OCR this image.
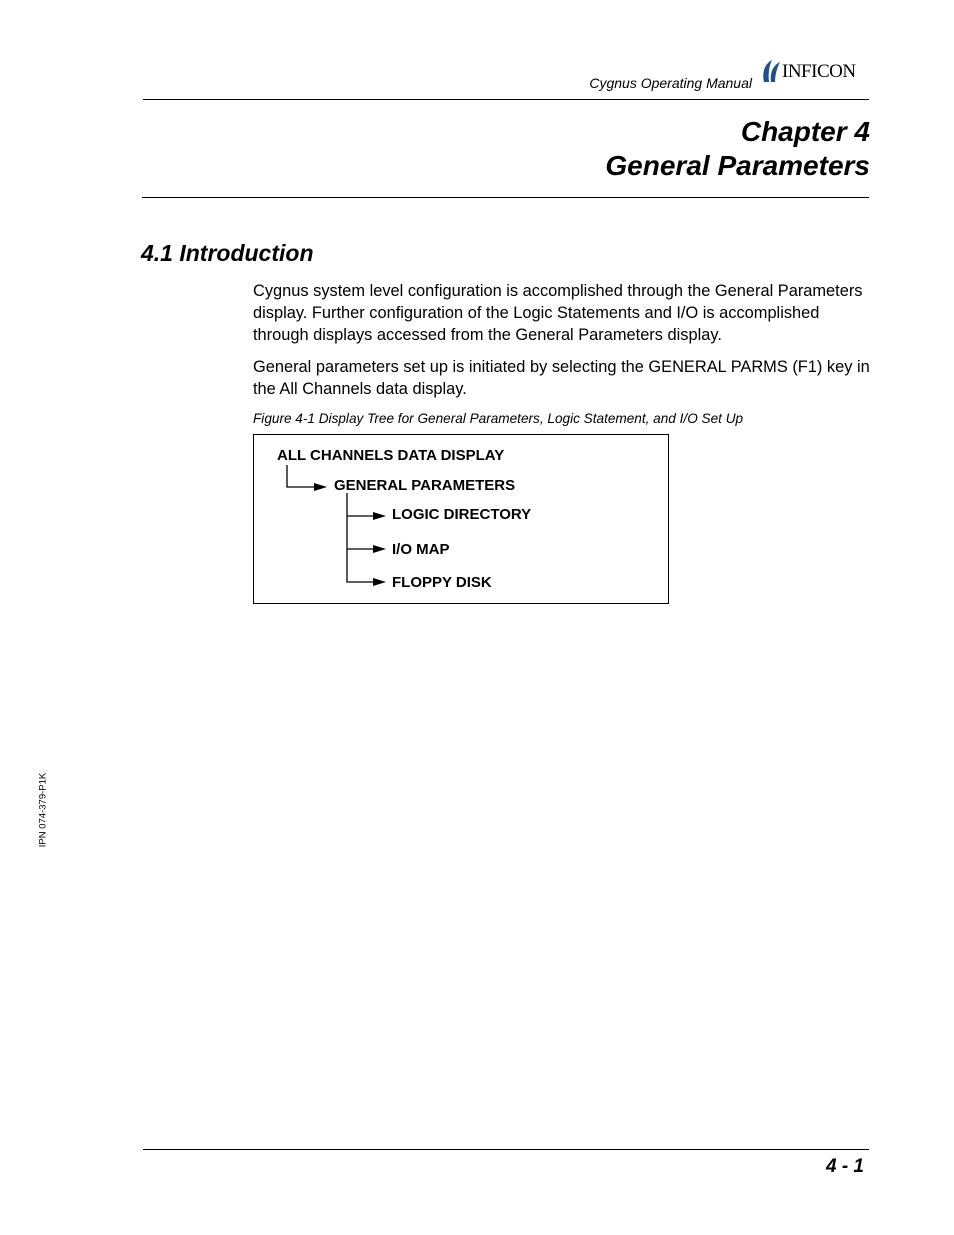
Cygnus Operating Manual
INFICON
Chapter 4
General Parameters
4.1 Introduction
Cygnus system level configuration is accomplished through the General Parameters display. Further configuration of the Logic Statements and I/O is accomplished through displays accessed from the General Parameters display.
General parameters set up is initiated by selecting the GENERAL PARMS (F1) key in the All Channels data display.
Figure 4-1 Display Tree for General Parameters, Logic Statement, and I/O Set Up
ALL CHANNELS DATA DISPLAY
GENERAL PARAMETERS
LOGIC DIRECTORY
I/O MAP
FLOPPY DISK
IPN 074-379-P1K
4 - 1
